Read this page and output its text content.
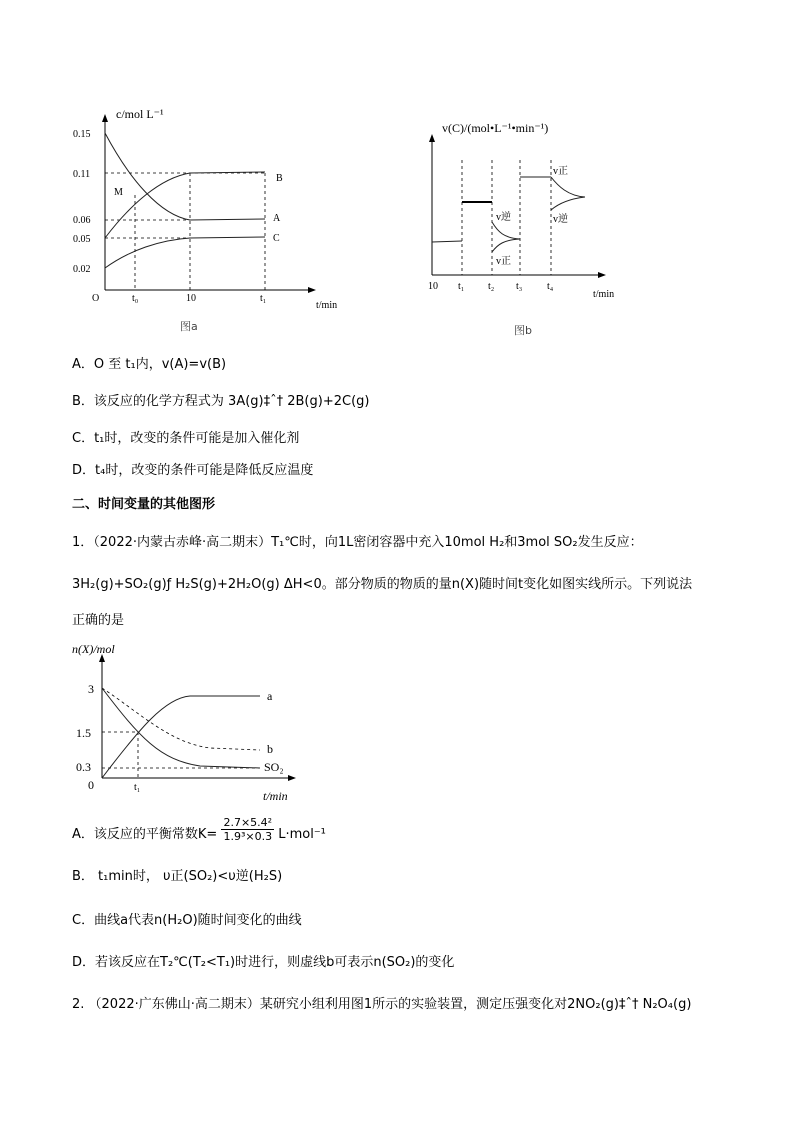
c/mol L⁻¹
t/min
0.15
0.11
0.06
0.05
0.02
O	t₀	10	t₁
B
A
C
M
图a
v(C)/(mol•L⁻¹•min⁻¹)
t/min
10 t₁ t₂ t₃ t₄
v正
v逆	v逆
v正
图b
A．O 至 t₁内，v(A)=v(B)
B．该反应的化学方程式为 3A(g)‡ˆ† 2B(g)+2C(g)
C．t₁时，改变的条件可能是加入催化剂
D．t₄时，改变的条件可能是降低反应温度
二、时间变量的其他图形
1．（2022·内蒙古赤峰·高二期末）T₁℃时，向1L密闭容器中充入10mol H₂和3mol SO₂发生反应：
3H₂(g)+SO₂(g)ƒ H₂S(g)+2H₂O(g) ΔH<0。部分物质的物质的量n(X)随时间t变化如图实线所示。下列说法
正确的是
n(X)/mol
t/min
3
1.5
0.3
0	t₁
a
b
SO₂
A．该反应的平衡常数$K= \frac{\text{2.7×5.4²}}{\text{1.9³×0.3}} L\cdot mol^{-1}$
B． t₁min时， υ正(SO₂)<υ逆(H₂S)
C．曲线a代表n(H₂O)随时间变化的曲线
D．若该反应在T₂℃(T₂<T₁)时进行，则虚线b可表示n(SO₂)的变化
2. （2022·广东佛山·高二期末）某研究小组利用图1所示的实验装置，测定压强变化对2NO₂(g)‡ˆ† N₂O₄(g)
